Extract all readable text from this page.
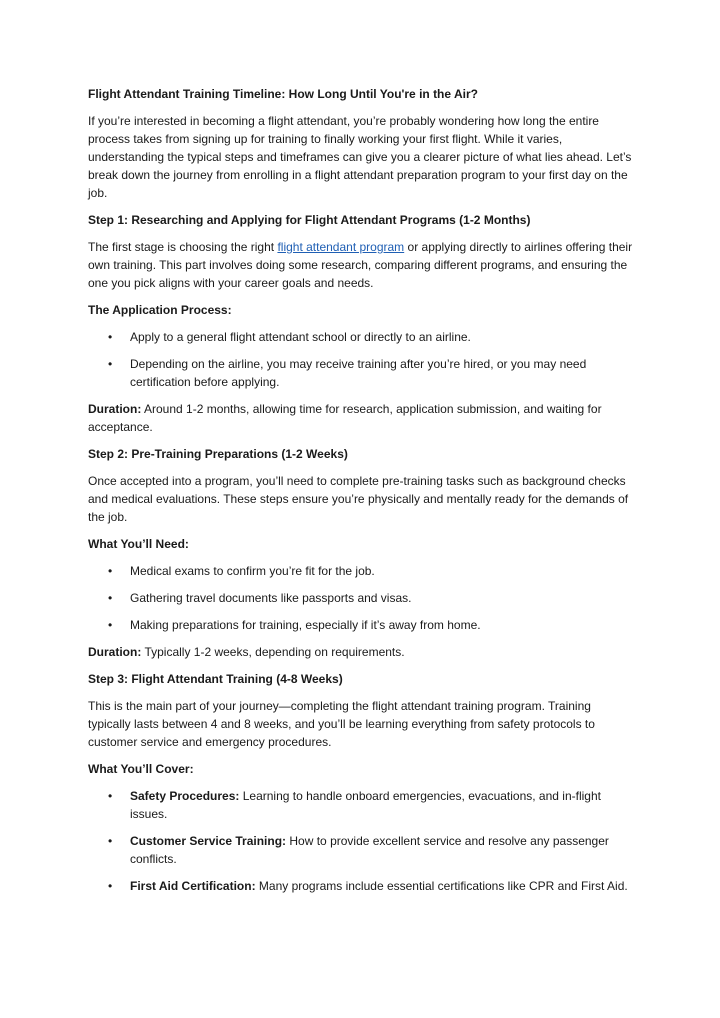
Flight Attendant Training Timeline: How Long Until You're in the Air?

If you’re interested in becoming a flight attendant, you’re probably wondering how long the entire process takes from signing up for training to finally working your first flight. While it varies, understanding the typical steps and timeframes can give you a clearer picture of what lies ahead. Let’s break down the journey from enrolling in a flight attendant preparation program to your first day on the job.

Step 1: Researching and Applying for Flight Attendant Programs (1-2 Months)

The first stage is choosing the right flight attendant program or applying directly to airlines offering their own training. This part involves doing some research, comparing different programs, and ensuring the one you pick aligns with your career goals and needs.

The Application Process:
• Apply to a general flight attendant school or directly to an airline.
• Depending on the airline, you may receive training after you’re hired, or you may need certification before applying.

Duration: Around 1-2 months, allowing time for research, application submission, and waiting for acceptance.

Step 2: Pre-Training Preparations (1-2 Weeks)

Once accepted into a program, you’ll need to complete pre-training tasks such as background checks and medical evaluations. These steps ensure you’re physically and mentally ready for the demands of the job.

What You’ll Need:
• Medical exams to confirm you’re fit for the job.
• Gathering travel documents like passports and visas.
• Making preparations for training, especially if it’s away from home.

Duration: Typically 1-2 weeks, depending on requirements.

Step 3: Flight Attendant Training (4-8 Weeks)

This is the main part of your journey—completing the flight attendant training program. Training typically lasts between 4 and 8 weeks, and you’ll be learning everything from safety protocols to customer service and emergency procedures.

What You’ll Cover:
• Safety Procedures: Learning to handle onboard emergencies, evacuations, and in-flight issues.
• Customer Service Training: How to provide excellent service and resolve any passenger conflicts.
• First Aid Certification: Many programs include essential certifications like CPR and First Aid.
